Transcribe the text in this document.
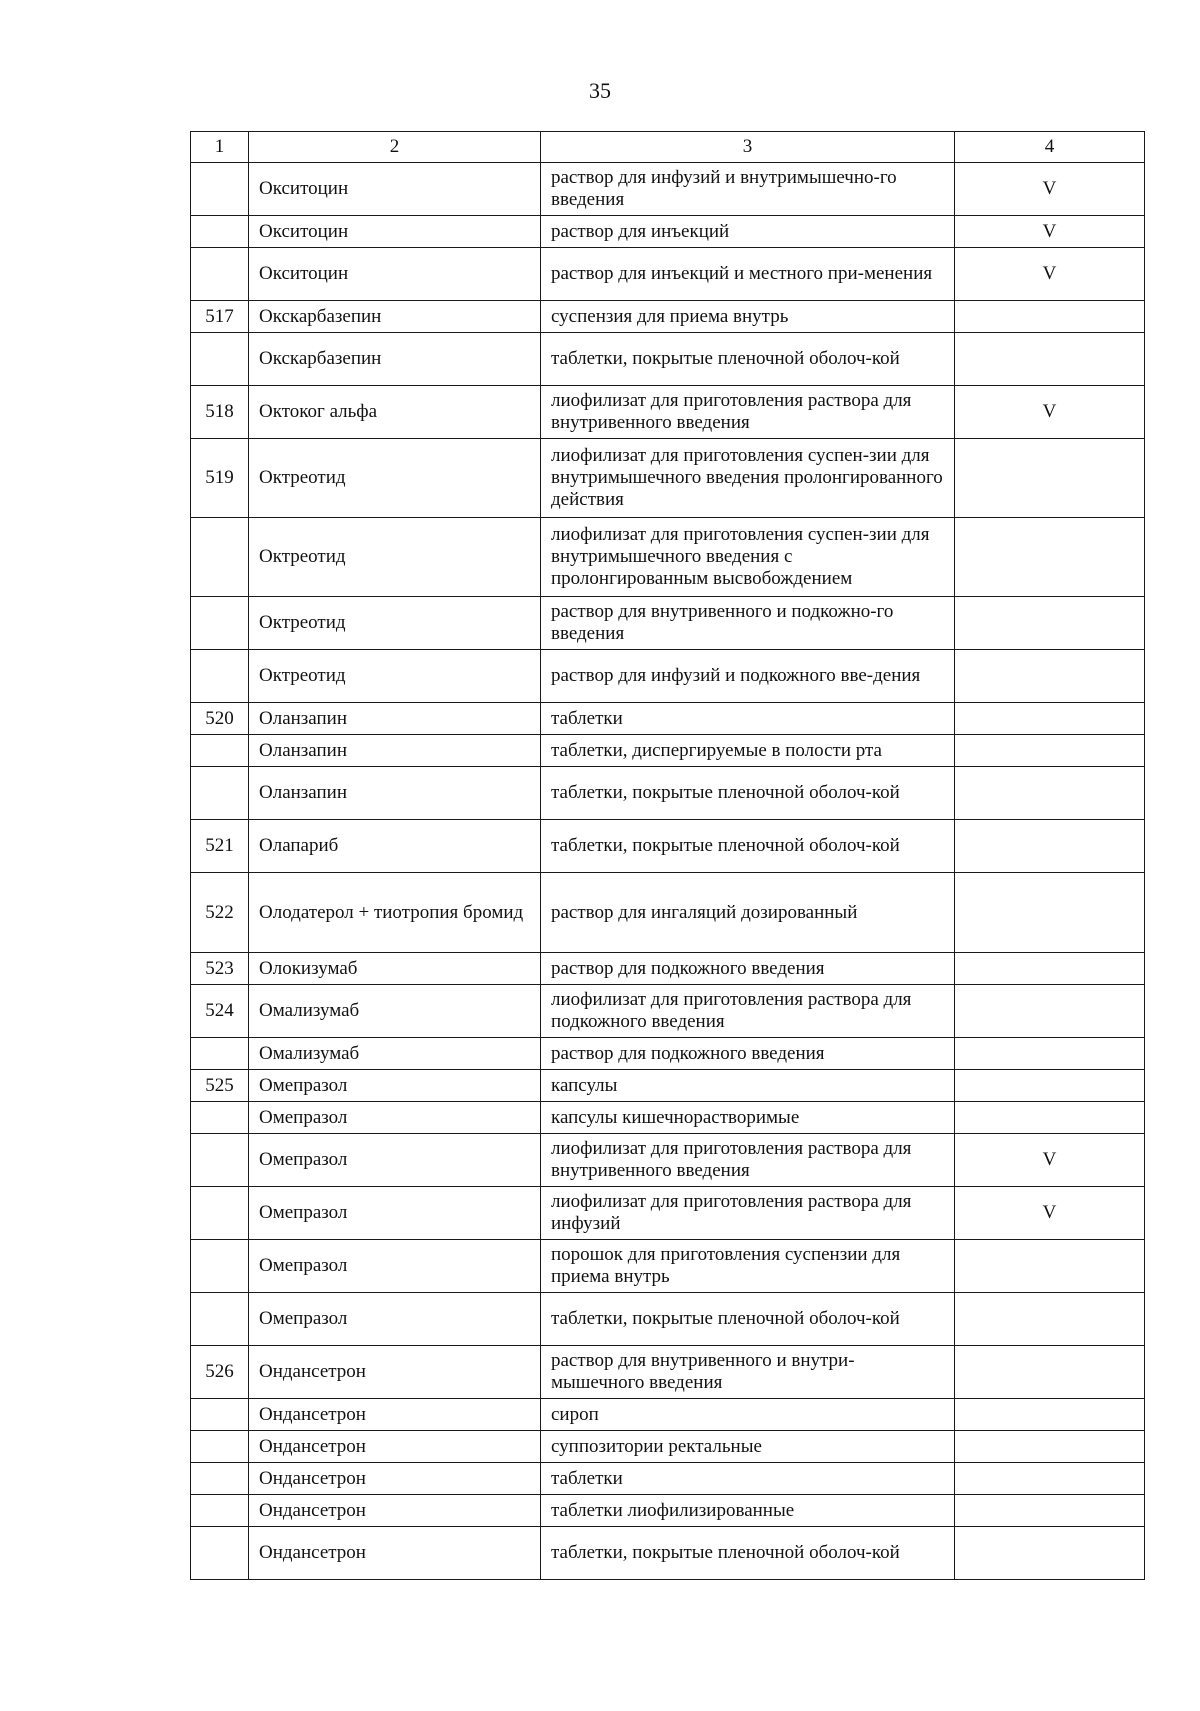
35
1	2	3	4
	Окситоцин	раствор для инфузий и внутримышечно-го введения	V
	Окситоцин	раствор для инъекций	V
	Окситоцин	раствор для инъекций и местного при-менения	V
517	Окскарбазепин	суспензия для приема внутрь	
	Окскарбазепин	таблетки, покрытые пленочной оболоч-кой	
518	Октоког альфа	лиофилизат для приготовления раствора для внутривенного введения	V
519	Октреотид	лиофилизат для приготовления суспен-зии для внутримышечного введения пролонгированного действия	
	Октреотид	лиофилизат для приготовления суспен-зии для внутримышечного введения с пролонгированным высвобождением	
	Октреотид	раствор для внутривенного и подкожно-го введения	
	Октреотид	раствор для инфузий и подкожного вве-дения	
520	Оланзапин	таблетки	
	Оланзапин	таблетки, диспергируемые в полости рта	
	Оланзапин	таблетки, покрытые пленочной оболоч-кой	
521	Олапариб	таблетки, покрытые пленочной оболоч-кой	
522	Олодатерол + тиотропия бромид	раствор для ингаляций дозированный	
523	Олокизумаб	раствор для подкожного введения	
524	Омализумаб	лиофилизат для приготовления раствора для подкожного введения	
	Омализумаб	раствор для подкожного введения	
525	Омепразол	капсулы	
	Омепразол	капсулы кишечнорастворимые	
	Омепразол	лиофилизат для приготовления раствора для внутривенного введения	V
	Омепразол	лиофилизат для приготовления раствора для инфузий	V
	Омепразол	порошок для приготовления суспензии для приема внутрь	
	Омепразол	таблетки, покрытые пленочной оболоч-кой	
526	Ондансетрон	раствор для внутривенного и внутри-мышечного введения	
	Ондансетрон	сироп	
	Ондансетрон	суппозитории ректальные	
	Ондансетрон	таблетки	
	Ондансетрон	таблетки лиофилизированные	
	Ондансетрон	таблетки, покрытые пленочной оболоч-кой	
